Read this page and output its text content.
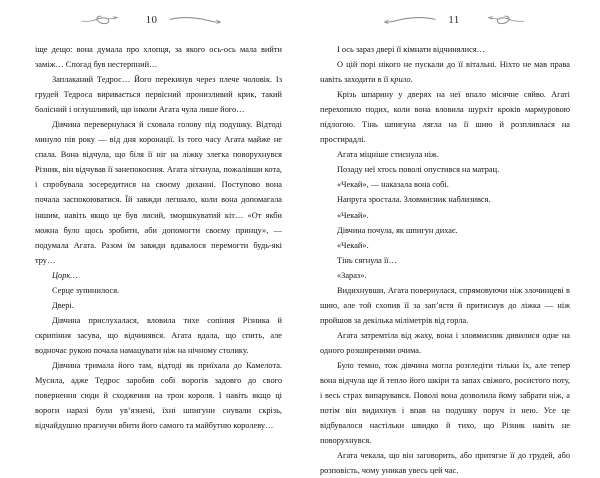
10

іще дещо: вона думала про хлопця, за якого ось-ось мала вийти заміж… Спогад був нестерпний…

Заплаканий Тедрос… Його перекинув через плече чоловік. Із грудей Тедроса виривається первісний пронизливий крик, такий болісний і оглушливий, що інколи Агата чула лише його…

Дівчина перевернулася й сховала голову під подушку. Відтоді минуло пів року — від дня коронації. Із того часу Агата майже не спала. Вона відчула, що біля її ніг на ліжку злегка поворухнувся Різник, він відчував її занепокоєння. Агата зітхнула, пожалівши кота, і спробувала зосередитися на своєму диханні. Поступово вона почала заспокоюватися. Їй завжди легшало, коли вона допомагала іншим, навіть якщо це був лисий, зморшкуватий кіт… «От якби можна було щось зробити, аби допомогти своєму принцу», — подумала Агата. Разом їм завжди вдавалося перемогти будь-які тру…

Цорк…

Серце зупинилося.

Двері.

Дівчина прислухалася, вловила тихе сопіння Різника й скрипіння засува, що відчинявся. Агата вдала, що спить, але водночас рукою почала намацувати ніж на нічному столику.

Дівчина тримала його там, відтоді як приїхала до Камелота. Мусила, адже Тедрос заробив собі ворогів задовго до свого повернення сюди й сходження на трон короля. І навіть якщо ці вороги наразі були ув’язнені, їхні шпигуни снували скрізь, відчайдушно прагнучи вбити його самого та майбутню королеву…

11

І ось зараз двері її кімнати відчинялися…

О цій порі нікого не пускали до її вітальні. Ніхто не мав права навіть заходити в її крило.

Крізь шпарину у дверях на неї впало місячне сяйво. Агаті перехопило подих, коли вона вловила шурхіт кроків мармуровою підлогою. Тінь шпигуна лягла на її шию й розпливлася на простирадлі.

Агата міцніше стиснула ніж.

Позаду неї хтось поволі опустився на матрац.

«Чекай», — наказала вона собі.

Напруга зростала. Зловмисник наблизився.

«Чекай».

Дівчина почула, як шпигун дихає.

«Чекай».

Тінь сягнула її…

«Зараз».

Видихнувши, Агата повернулася, спрямовуючи ніж злочинцеві в шию, але той схопив її за зап’ястя й притиснув до ліжка — ніж пройшов за декілька міліметрів від горла.

Агата затремтіла від жаху, вона і зловмисник дивилися одне на одного розширеними очима.

Було темно, тож дівчина могла розгледіти тільки їх, але тепер вона відчула ще й тепло його шкіри та запах свіжого, росистого поту, і весь страх випарувався. Поволі вона дозволила йому забрати ніж, а потім він видихнув і впав на подушку поруч із нею. Усе це відбувалося настільки швидко й тихо, що Різник навіть не поворухнувся.

Агата чекала, що він заговорить, або притягне її до грудей, або розповість, чому уникав увесь цей час.
